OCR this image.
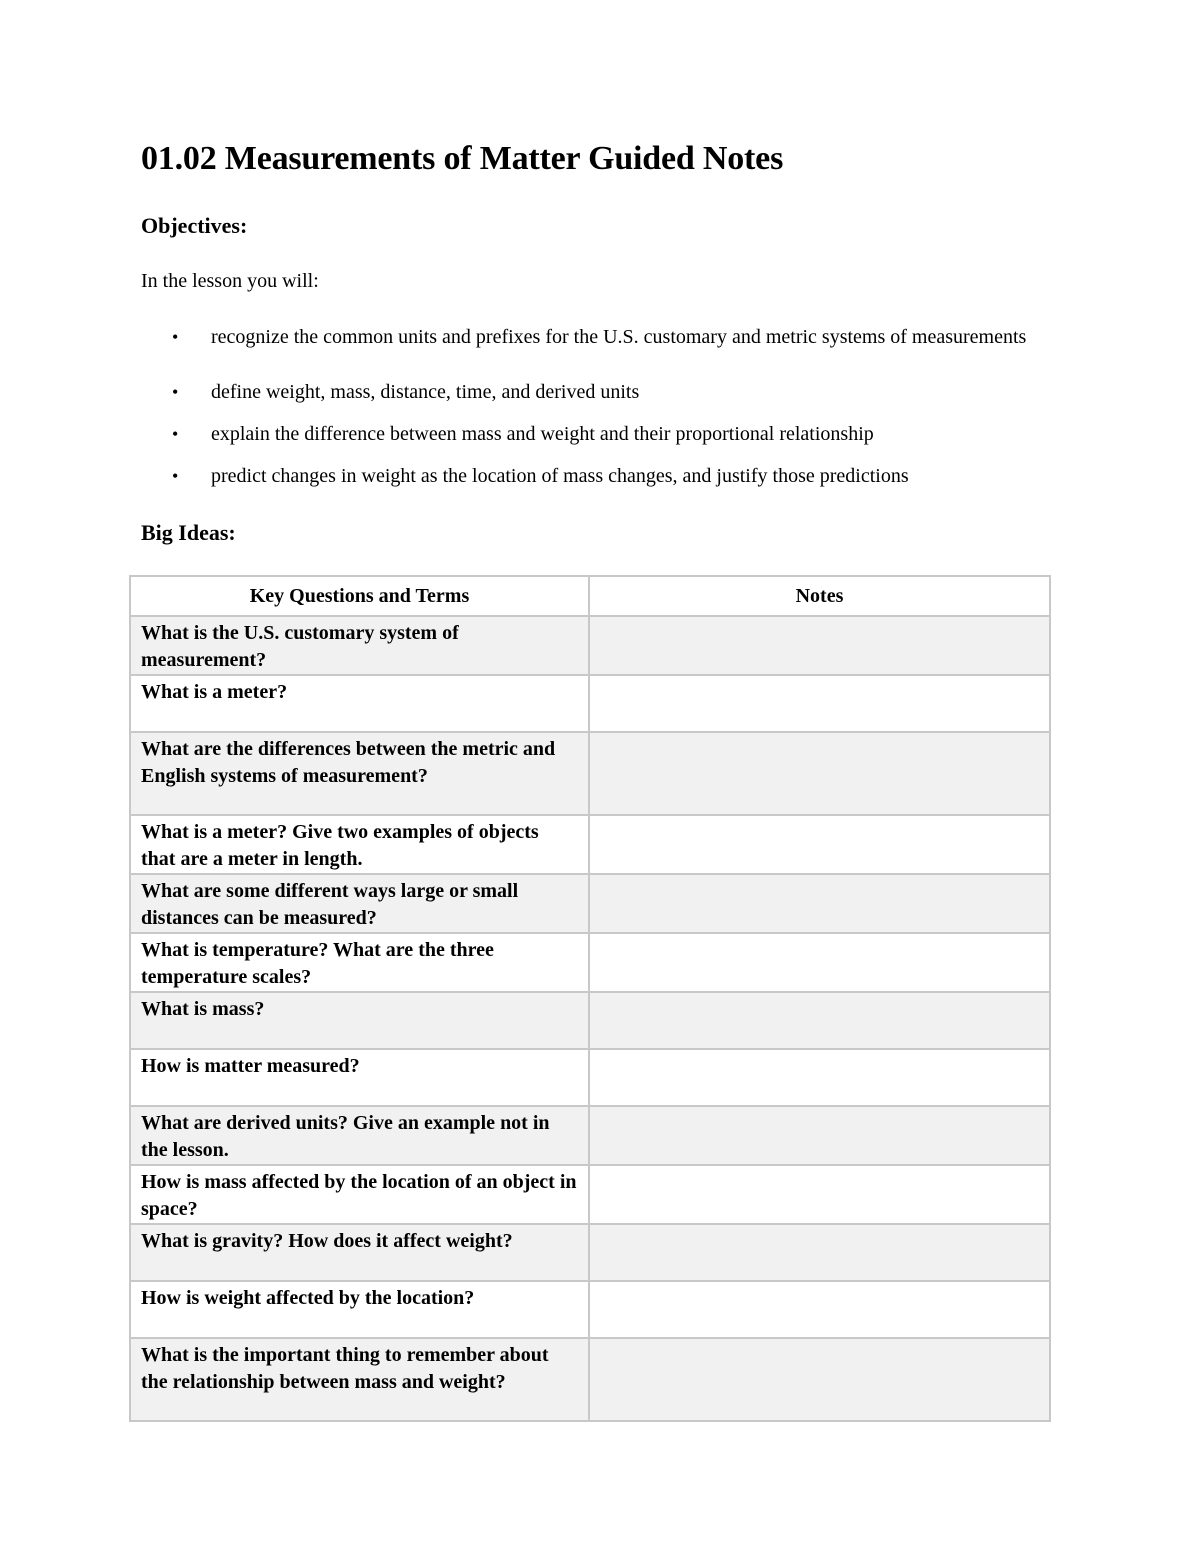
01.02 Measurements of Matter Guided Notes
Objectives:
In the lesson you will:
• recognize the common units and prefixes for the U.S. customary and metric systems of measurements
• define weight, mass, distance, time, and derived units
• explain the difference between mass and weight and their proportional relationship
• predict changes in weight as the location of mass changes, and justify those predictions
Big Ideas:
Key Questions and Terms	Notes
What is the U.S. customary system of measurement?	
What is a meter?	
What are the differences between the metric and English systems of measurement?	
What is a meter? Give two examples of objects that are a meter in length.	
What are some different ways large or small distances can be measured?	
What is temperature? What are the three temperature scales?	
What is mass?	
How is matter measured?	
What are derived units? Give an example not in the lesson.	
How is mass affected by the location of an object in space?	
What is gravity? How does it affect weight?	
How is weight affected by the location?	
What is the important thing to remember about the relationship between mass and weight?	
